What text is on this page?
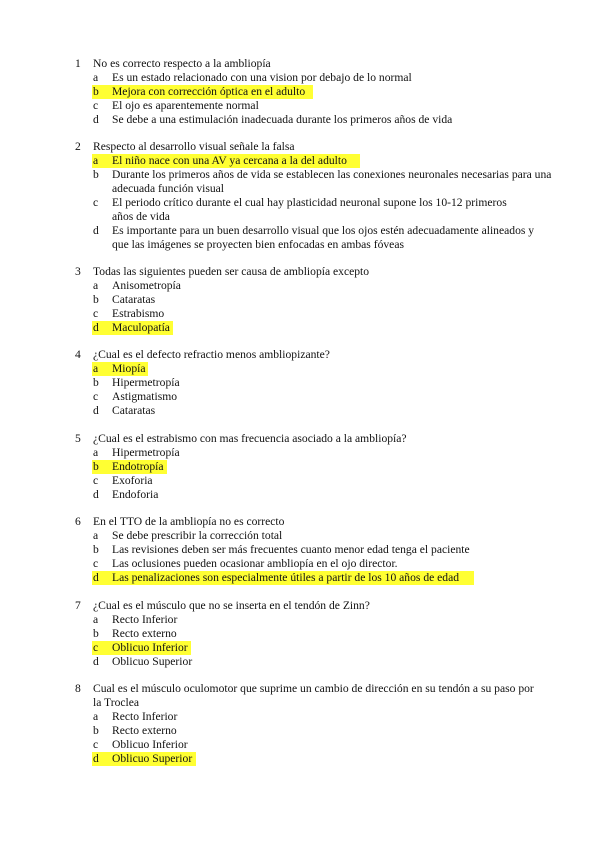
1 No es correcto respecto a la ambliopía
a	Es un estado relacionado con una vision por debajo de lo normal
b	Mejora con corrección óptica en el adulto
c	El ojo es aparentemente normal
d	Se debe a una estimulación inadecuada durante los primeros años de vida
2 Respecto al desarrollo visual señale la falsa
a	El niño nace con una AV ya cercana a la del adulto
b	Durante los primeros años de vida se establecen las conexiones neuronales necesarias para una adecuada función visual
c	El periodo crítico durante el cual hay plasticidad neuronal supone los 10-12 primeros años de vida
d	Es importante para un buen desarrollo visual que los ojos estén adecuadamente alineados y que las imágenes se proyecten bien enfocadas en ambas fóveas
3 Todas las siguientes pueden ser causa de ambliopía excepto
a	Anisometropía
b	Cataratas
c	Estrabismo
d	Maculopatía
4 ¿Cual es el defecto refractio menos ambliopizante?
a	Miopía
b	Hipermetropía
c	Astigmatismo
d	Cataratas
5 ¿Cual es el estrabismo con mas frecuencia asociado a la ambliopía?
a	Hipermetropía
b	Endotropía
c	Exoforia
d	Endoforia
6 En el TTO de la ambliopía no es correcto
a	Se debe prescribir la corrección total
b	Las revisiones deben ser más frecuentes cuanto menor edad tenga el paciente
c	Las oclusiones pueden ocasionar ambliopía en el ojo director.
d	Las penalizaciones son especialmente útiles a partir de los 10 años de edad
7 ¿Cual es el músculo que no se inserta en el tendón de Zinn?
a	Recto Inferior
b	Recto externo
c	Oblicuo Inferior
d	Oblicuo Superior
8 Cual es el músculo oculomotor que suprime un cambio de dirección en su tendón a su paso por la Troclea
a	Recto Inferior
b	Recto externo
c	Oblicuo Inferior
d	Oblicuo Superior
